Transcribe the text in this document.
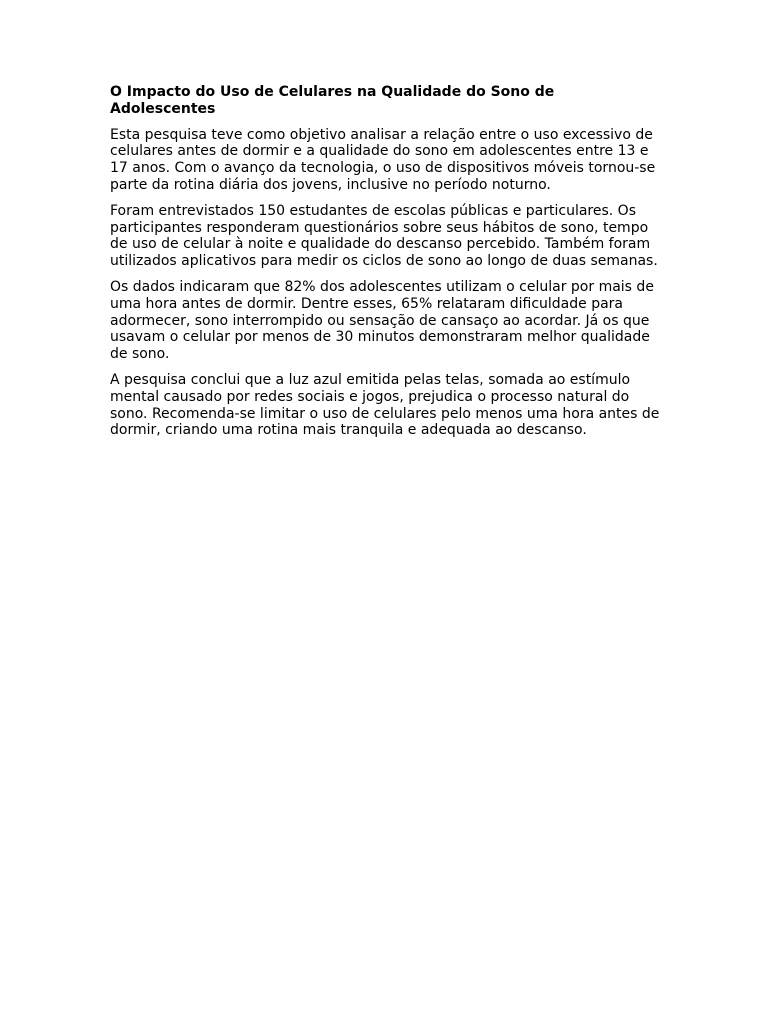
O Impacto do Uso de Celulares na Qualidade do Sono de Adolescentes

Esta pesquisa teve como objetivo analisar a relação entre o uso excessivo de celulares antes de dormir e a qualidade do sono em adolescentes entre 13 e 17 anos. Com o avanço da tecnologia, o uso de dispositivos móveis tornou-se parte da rotina diária dos jovens, inclusive no período noturno.

Foram entrevistados 150 estudantes de escolas públicas e particulares. Os participantes responderam questionários sobre seus hábitos de sono, tempo de uso de celular à noite e qualidade do descanso percebido. Também foram utilizados aplicativos para medir os ciclos de sono ao longo de duas semanas.

Os dados indicaram que 82% dos adolescentes utilizam o celular por mais de uma hora antes de dormir. Dentre esses, 65% relataram dificuldade para adormecer, sono interrompido ou sensação de cansaço ao acordar. Já os que usavam o celular por menos de 30 minutos demonstraram melhor qualidade de sono.

A pesquisa conclui que a luz azul emitida pelas telas, somada ao estímulo mental causado por redes sociais e jogos, prejudica o processo natural do sono. Recomenda-se limitar o uso de celulares pelo menos uma hora antes de dormir, criando uma rotina mais tranquila e adequada ao descanso.
